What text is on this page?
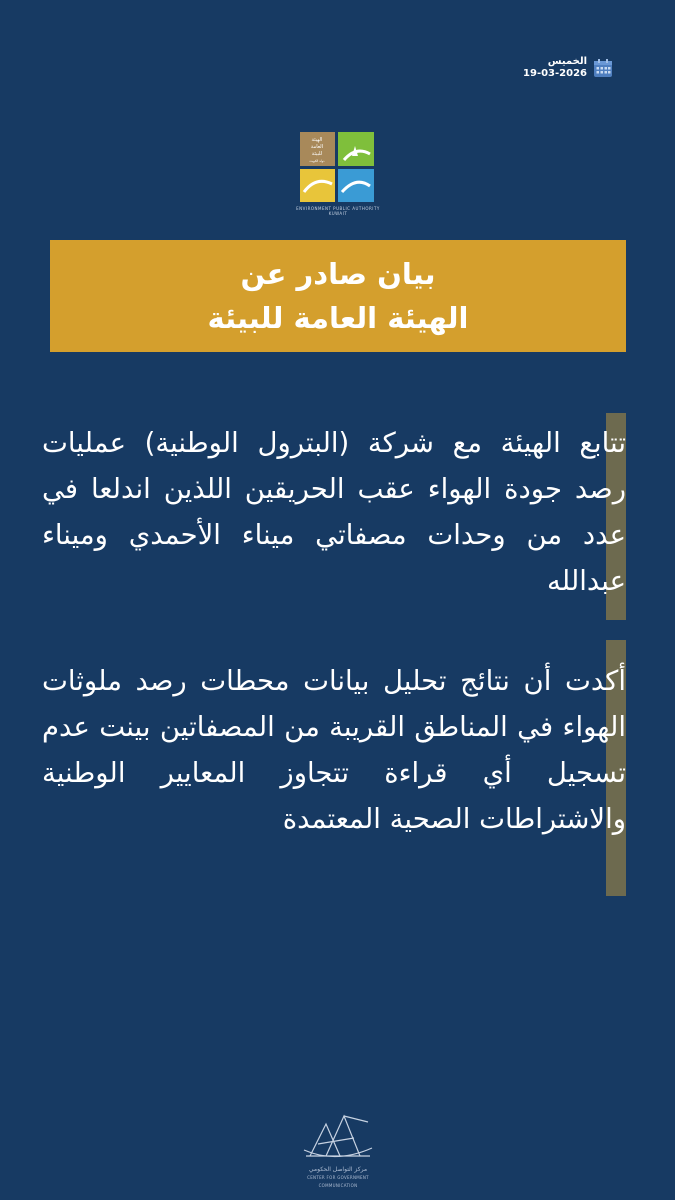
الخميس
19-03-2026
الهيئة
العامة
للبيئة
دولة الكويت
ENVIRONMENT PUBLIC AUTHORITY KUWAIT
بيان صادر عن
الهيئة العامة للبيئة

تتابع الهيئة مع شركة (البترول الوطنية) عمليات رصد جودة الهواء عقب الحريقين اللذين اندلعا في عدد من وحدات مصفاتي ميناء الأحمدي وميناء عبدالله

أكدت أن نتائج تحليل بيانات محطات رصد ملوثات الهواء في المناطق القريبة من المصفاتين بينت عدم تسجيل أي قراءة تتجاوز المعايير الوطنية والاشتراطات الصحية المعتمدة

مركز التواصل الحكومي
CENTER FOR GOVERNMENT COMMUNICATION
